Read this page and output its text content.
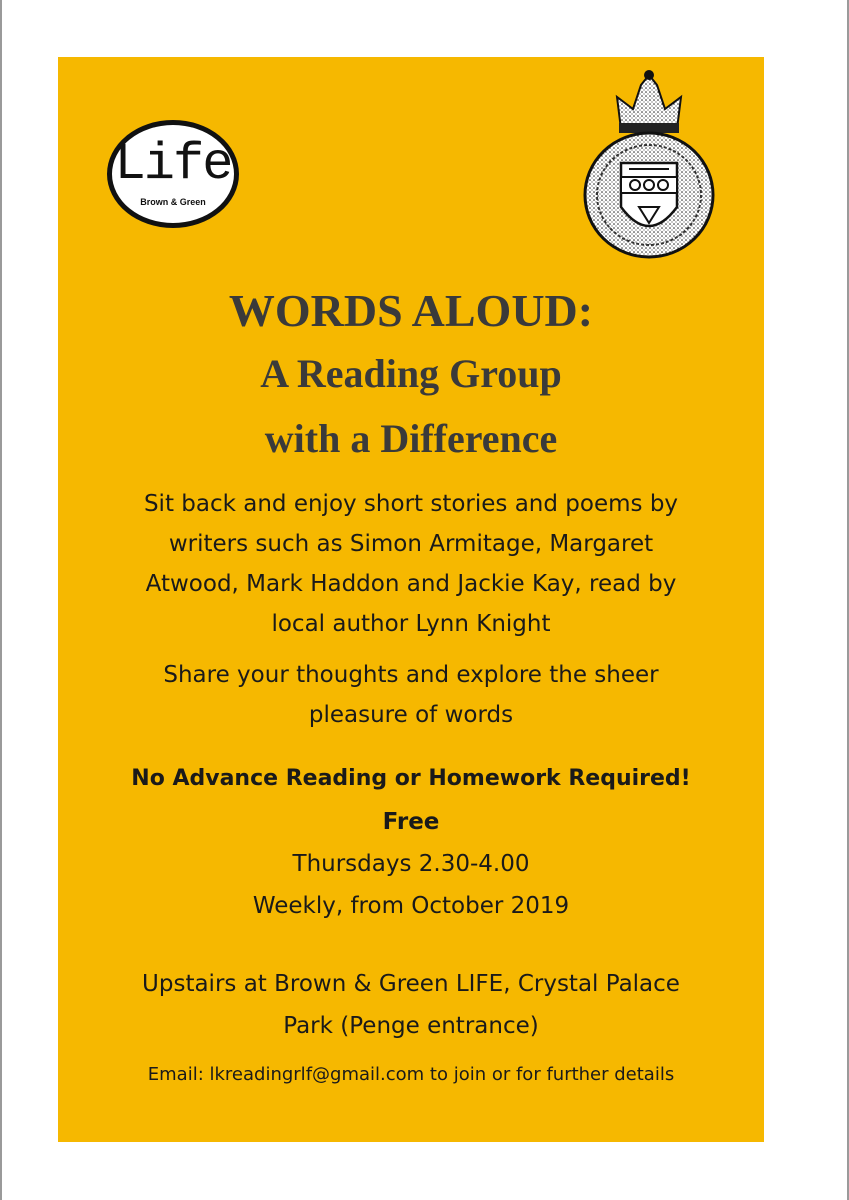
Life
Brown & Green
WORDS ALOUD:
A Reading Group
with a Difference
Sit back and enjoy short stories and poems by
writers such as Simon Armitage, Margaret
Atwood, Mark Haddon and Jackie Kay, read by
local author Lynn Knight
Share your thoughts and explore the sheer
pleasure of words
No Advance Reading or Homework Required!
Free
Thursdays 2.30-4.00
Weekly, from October 2019
Upstairs at Brown & Green LIFE, Crystal Palace
Park (Penge entrance)
Email: lkreadingrlf@gmail.com to join or for further details
